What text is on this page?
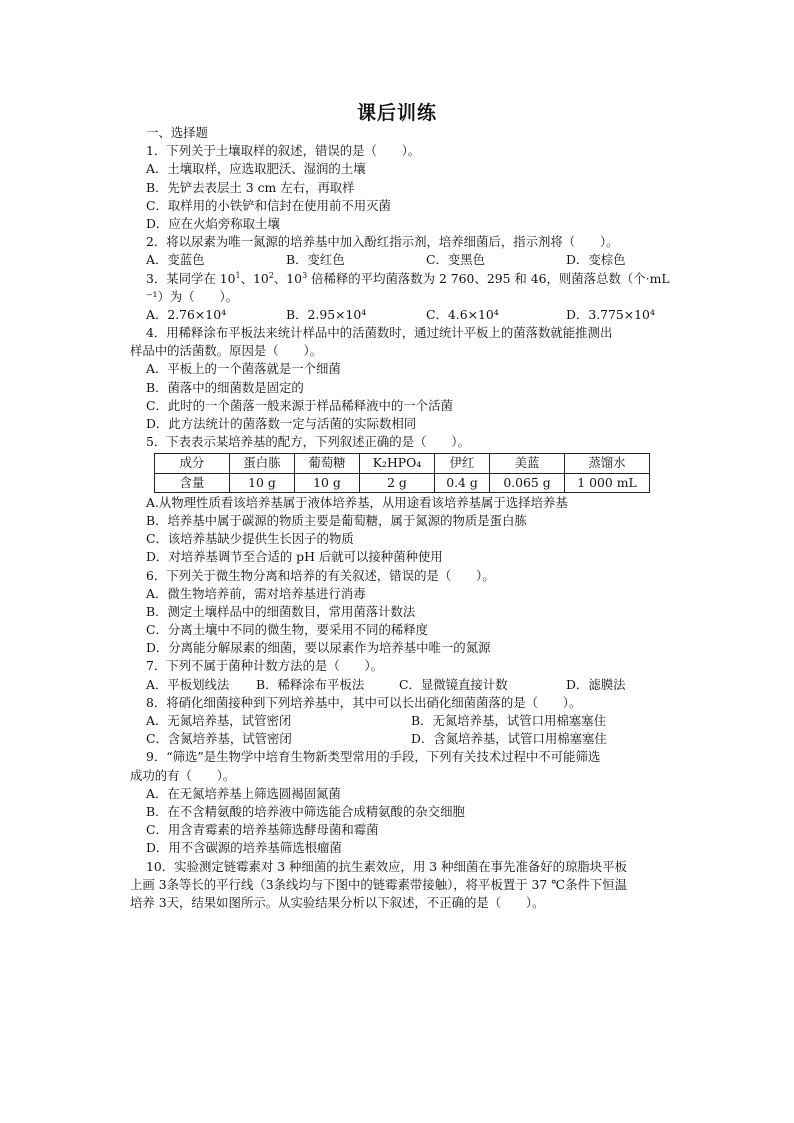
课后训练
一、选择题
1．下列关于土壤取样的叙述，错误的是（　　）。
A．土壤取样，应选取肥沃、湿润的土壤
B．先铲去表层土 3 cm 左右，再取样
C．取样用的小铁铲和信封在使用前不用灭菌
D．应在火焰旁称取土壤
2．将以尿素为唯一氮源的培养基中加入酚红指示剂，培养细菌后，指示剂将（　　）。
A．变蓝色	B．变红色	C．变黑色	D．变棕色
3．某同学在 $10^1$、$10^2$、$10^3$ 倍稀释的平均菌落数为 2 760、295 和 46，则菌落总数（个·mL
⁻¹）为（　　）。
A．2.76×10⁴	B．2.95×10⁴	C．4.6×10⁴	D．3.775×10⁴
4．用稀释涂布平板法来统计样品中的活菌数时，通过统计平板上的菌落数就能推测出
样品中的活菌数。原因是（　　）。
A．平板上的一个菌落就是一个细菌
B．菌落中的细菌数是固定的
C．此时的一个菌落一般来源于样品稀释液中的一个活菌
D．此方法统计的菌落数一定与活菌的实际数相同
5．下表表示某培养基的配方，下列叙述正确的是（　　）。
成分	蛋白胨	葡萄糖	K₂HPO₄	伊红	美蓝	蒸馏水
含量	10 g	10 g	2 g	0.4 g	0.065 g	1 000 mL
A.从物理性质看该培养基属于液体培养基，从用途看该培养基属于选择培养基
B．培养基中属于碳源的物质主要是葡萄糖，属于氮源的物质是蛋白胨
C．该培养基缺少提供生长因子的物质
D．对培养基调节至合适的 pH 后就可以接种菌种使用
6．下列关于微生物分离和培养的有关叙述，错误的是（　　）。
A．微生物培养前，需对培养基进行消毒
B．测定土壤样品中的细菌数目，常用菌落计数法
C．分离土壤中不同的微生物，要采用不同的稀释度
D．分离能分解尿素的细菌，要以尿素作为培养基中唯一的氮源
7．下列不属于菌种计数方法的是（　　）。
A．平板划线法	B．稀释涂布平板法	C．显微镜直接计数	D．滤膜法
8．将硝化细菌接种到下列培养基中，其中可以长出硝化细菌菌落的是（　　）。
A．无氮培养基，试管密闭	B．无氮培养基，试管口用棉塞塞住
C．含氮培养基，试管密闭	D．含氮培养基，试管口用棉塞塞住
9．“筛选”是生物学中培育生物新类型常用的手段，下列有关技术过程中不可能筛选
成功的有（　　）。
A．在无氮培养基上筛选圆褐固氮菌
B．在不含精氨酸的培养液中筛选能合成精氨酸的杂交细胞
C．用含青霉素的培养基筛选酵母菌和霉菌
D．用不含碳源的培养基筛选根瘤菌
10．实验测定链霉素对 3 种细菌的抗生素效应，用 3 种细菌在事先准备好的琼脂块平板
上画 3条等长的平行线（3条线均与下图中的链霉素带接触），将平板置于 37 ℃条件下恒温
培养 3天，结果如图所示。从实验结果分析以下叙述，不正确的是（　　）。
